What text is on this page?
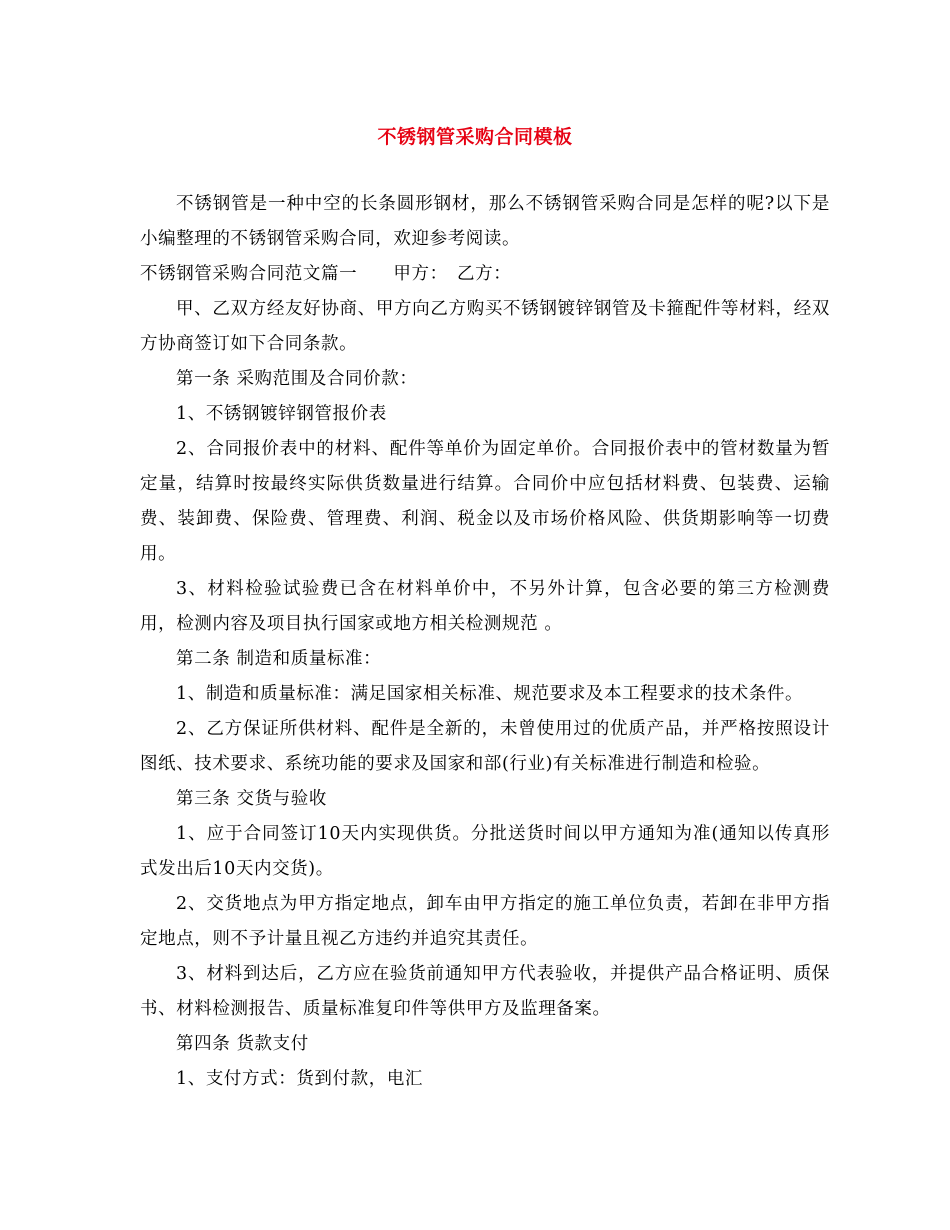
不锈钢管采购合同模板

不锈钢管是一种中空的长条圆形钢材，那么不锈钢管采购合同是怎样的呢?以下是小编整理的不锈钢管采购合同，欢迎参考阅读。

不锈钢管采购合同范文篇一　　甲方：　乙方：

甲、乙双方经友好协商、甲方向乙方购买不锈钢镀锌钢管及卡箍配件等材料，经双方协商签订如下合同条款。

第一条 采购范围及合同价款：

1、不锈钢镀锌钢管报价表

2、合同报价表中的材料、配件等单价为固定单价。合同报价表中的管材数量为暂定量，结算时按最终实际供货数量进行结算。合同价中应包括材料费、包装费、运输费、装卸费、保险费、管理费、利润、税金以及市场价格风险、供货期影响等一切费用。

3、材料检验试验费已含在材料单价中，不另外计算，包含必要的第三方检测费用，检测内容及项目执行国家或地方相关检测规范 。

第二条 制造和质量标准：

1、制造和质量标准：满足国家相关标准、规范要求及本工程要求的技术条件。

2、乙方保证所供材料、配件是全新的，未曾使用过的优质产品，并严格按照设计图纸、技术要求、系统功能的要求及国家和部(行业)有关标准进行制造和检验。

第三条 交货与验收

1、应于合同签订10天内实现供货。分批送货时间以甲方通知为准(通知以传真形式发出后10天内交货)。

2、交货地点为甲方指定地点，卸车由甲方指定的施工单位负责，若卸在非甲方指定地点，则不予计量且视乙方违约并追究其责任。

3、材料到达后，乙方应在验货前通知甲方代表验收，并提供产品合格证明、质保书、材料检测报告、质量标准复印件等供甲方及监理备案。

第四条 货款支付

1、支付方式：货到付款，电汇
